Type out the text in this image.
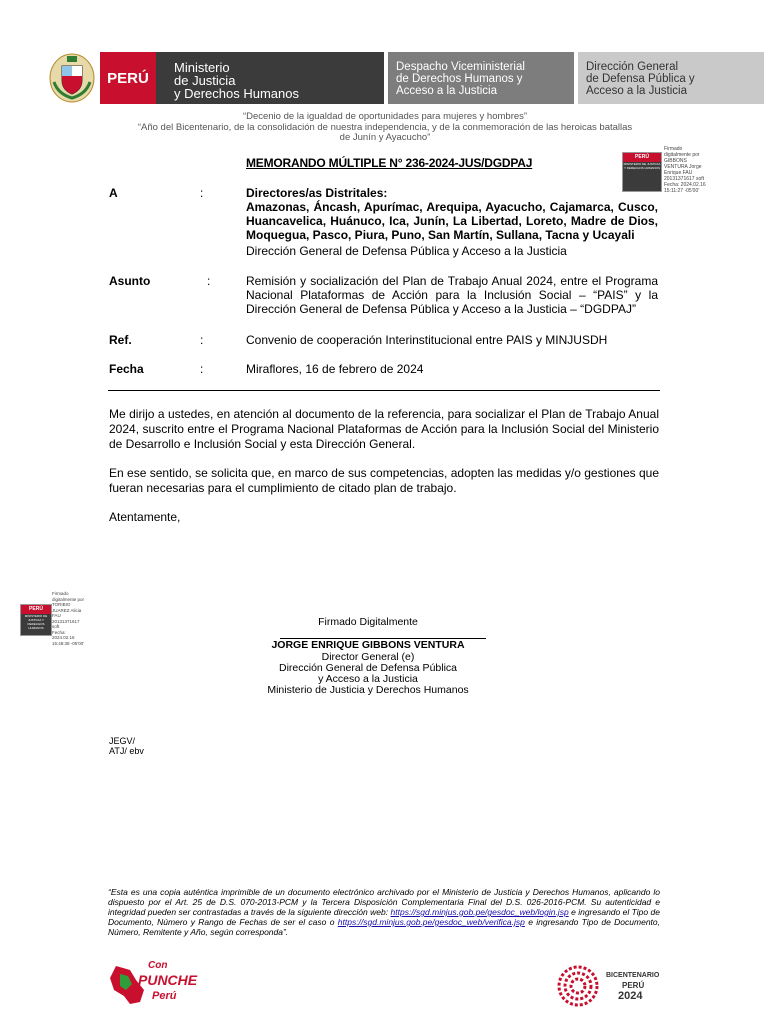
PERÚ
Ministerio
de Justicia
y Derechos Humanos
Despacho Viceministerial
de Derechos Humanos y
Acceso a la Justicia
Dirección General
de Defensa Pública y
Acceso a la Justicia
“Decenio de la igualdad de oportunidades para mujeres y hombres”
“Año del Bicentenario, de la consolidación de nuestra independencia, y de la conmemoración de las heroicas batallas
de Junín y Ayacucho”
PERÚ
MINISTERIO DE JUSTICIA Y DERECHOS HUMANOS
Firmado
digitalmente por
GIBBONS
VENTURA Jorge
Enrique FAU
20131371617 soft
Fecha: 2024.02.16
15:11:27 -05'00'
MEMORANDO MÚLTIPLE N° 236-2024-JUS/DGDPAJ
A	:	Directores/as Distritales:
Amazonas, Áncash, Apurímac, Arequipa, Ayacucho, Cajamarca, Cusco, Huancavelica, Huánuco, Ica, Junín, La Libertad, Loreto, Madre de Dios, Moquegua, Pasco, Piura, Puno, San Martín, Sullana, Tacna y Ucayali
Dirección General de Defensa Pública y Acceso a la Justicia
Asunto	:	Remisión y socialización del Plan de Trabajo Anual 2024, entre el Programa Nacional Plataformas de Acción para la Inclusión Social – “PAIS” y la Dirección General de Defensa Pública y Acceso a la Justicia – “DGDPAJ”
Ref.	:	Convenio de cooperación Interinstitucional entre PAIS y MINJUSDH
Fecha	:	Miraflores, 16 de febrero de 2024
Me dirijo a ustedes, en atención al documento de la referencia, para socializar el Plan de Trabajo Anual 2024, suscrito entre el Programa Nacional Plataformas de Acción para la Inclusión Social del Ministerio de Desarrollo e Inclusión Social y esta Dirección General.
En ese sentido, se solicita que, en marco de sus competencias, adopten las medidas y/o gestiones que fueran necesarias para el cumplimiento de citado plan de trabajo.
Atentamente,
PERÚ
MINISTERIO DE JUSTICIA Y DERECHOS HUMANOS
Firmado
digitalmente por TORIBIO
JUAREZ Alicia
FAU
20131371617
soft
Fecha:
2024.02.16
15:48:38 -05'00'
Firmado Digitalmente
JORGE ENRIQUE GIBBONS VENTURA
Director General (e)
Dirección General de Defensa Pública
y Acceso a la Justicia
Ministerio de Justicia y Derechos Humanos
JEGV/
ATJ/ ebv
“Esta es una copia auténtica imprimible de un documento electrónico archivado por el Ministerio de Justicia y Derechos Humanos, aplicando lo dispuesto por el Art. 25 de D.S. 070-2013-PCM y la Tercera Disposición Complementaria Final del D.S. 026-2016-PCM. Su autenticidad e integridad pueden ser contrastadas a través de la siguiente dirección web: https://sgd.minjus.gob.pe/gesdoc_web/login.jsp e ingresando el Tipo de Documento, Número y Rango de Fechas de ser el caso o https://sgd.minjus.gob.pe/gesdoc_web/verifica.jsp e ingresando Tipo de Documento, Número, Remitente y Año, según corresponda”.
Con
PUNCHE
Perú
BICENTENARIO
PERÚ
2024
